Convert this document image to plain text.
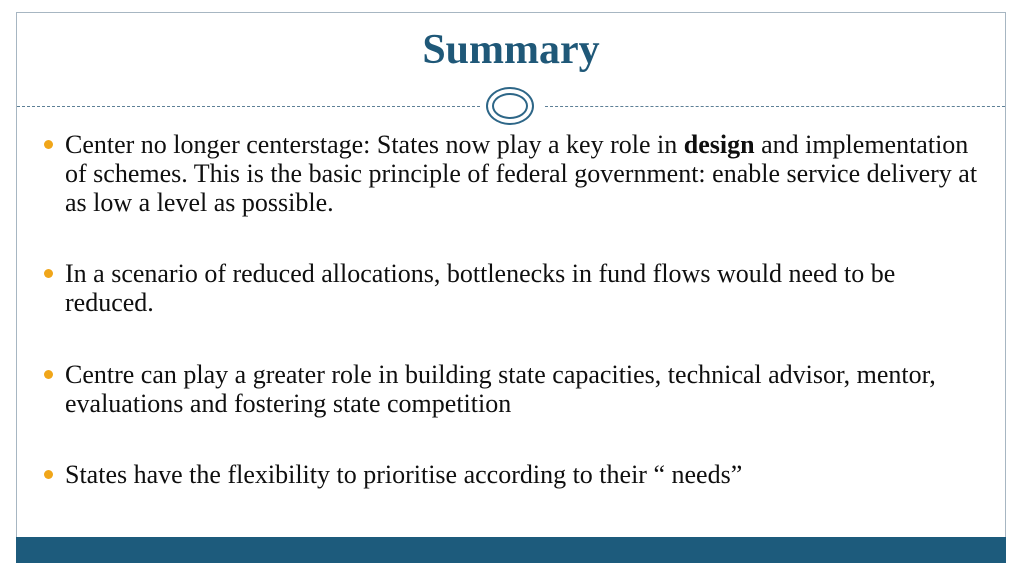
Summary
Center no longer centerstage: States now play a key role in design and implementation of schemes. This is the basic principle of federal government: enable service delivery at as low a level as possible.
In a scenario of reduced allocations, bottlenecks in fund flows would need to be reduced.
Centre can play a greater role in building state capacities, technical advisor, mentor, evaluations and fostering state competition
States have the flexibility to prioritise according to their “ needs”
